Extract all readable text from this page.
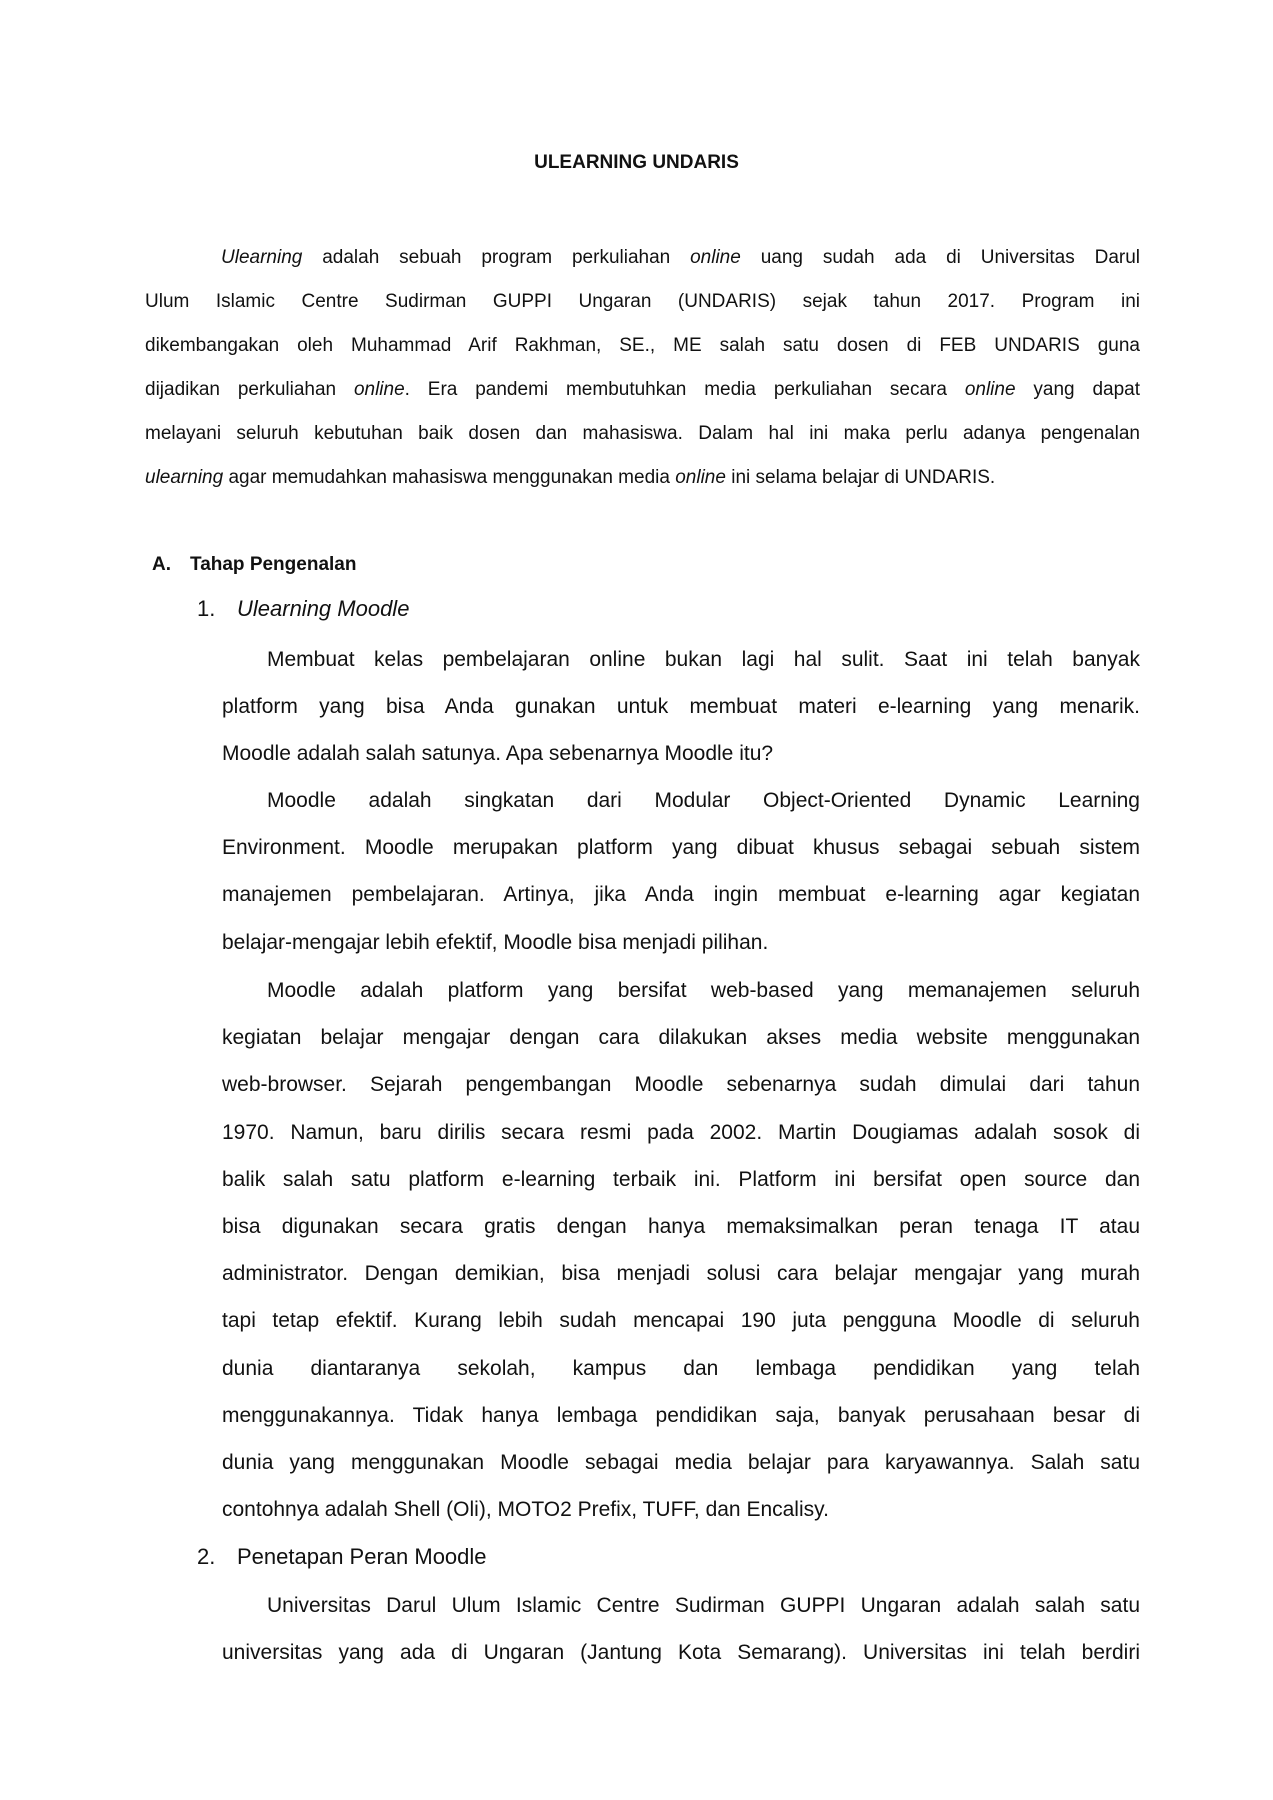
ULEARNING UNDARIS
Ulearning adalah sebuah program perkuliahan online uang sudah ada di Universitas Darul
Ulum Islamic Centre Sudirman GUPPI Ungaran (UNDARIS) sejak tahun 2017. Program ini
dikembangakan oleh Muhammad Arif Rakhman, SE., ME salah satu dosen di FEB UNDARIS guna
dijadikan perkuliahan online. Era pandemi membutuhkan media perkuliahan secara online yang dapat
melayani seluruh kebutuhan baik dosen dan mahasiswa. Dalam hal ini maka perlu adanya pengenalan
ulearning agar memudahkan mahasiswa menggunakan media online ini selama belajar di UNDARIS.
A. Tahap Pengenalan
1. Ulearning Moodle
Membuat kelas pembelajaran online bukan lagi hal sulit. Saat ini telah banyak
platform yang bisa Anda gunakan untuk membuat materi e-learning yang menarik.
Moodle adalah salah satunya. Apa sebenarnya Moodle itu?
Moodle adalah singkatan dari Modular Object-Oriented Dynamic Learning
Environment. Moodle merupakan platform yang dibuat khusus sebagai sebuah sistem
manajemen pembelajaran. Artinya, jika Anda ingin membuat e-learning agar kegiatan
belajar-mengajar lebih efektif, Moodle bisa menjadi pilihan.
Moodle adalah platform yang bersifat web-based yang memanajemen seluruh
kegiatan belajar mengajar dengan cara dilakukan akses media website menggunakan
web-browser. Sejarah pengembangan Moodle sebenarnya sudah dimulai dari tahun
1970. Namun, baru dirilis secara resmi pada 2002. Martin Dougiamas adalah sosok di
balik salah satu platform e-learning terbaik ini. Platform ini bersifat open source dan
bisa digunakan secara gratis dengan hanya memaksimalkan peran tenaga IT atau
administrator. Dengan demikian, bisa menjadi solusi cara belajar mengajar yang murah
tapi tetap efektif. Kurang lebih sudah mencapai 190 juta pengguna Moodle di seluruh
dunia diantaranya sekolah, kampus dan lembaga pendidikan yang telah
menggunakannya. Tidak hanya lembaga pendidikan saja, banyak perusahaan besar di
dunia yang menggunakan Moodle sebagai media belajar para karyawannya. Salah satu
contohnya adalah Shell (Oli), MOTO2 Prefix, TUFF, dan Encalisy.
2. Penetapan Peran Moodle
Universitas Darul Ulum Islamic Centre Sudirman GUPPI Ungaran adalah salah satu
universitas yang ada di Ungaran (Jantung Kota Semarang). Universitas ini telah berdiri
